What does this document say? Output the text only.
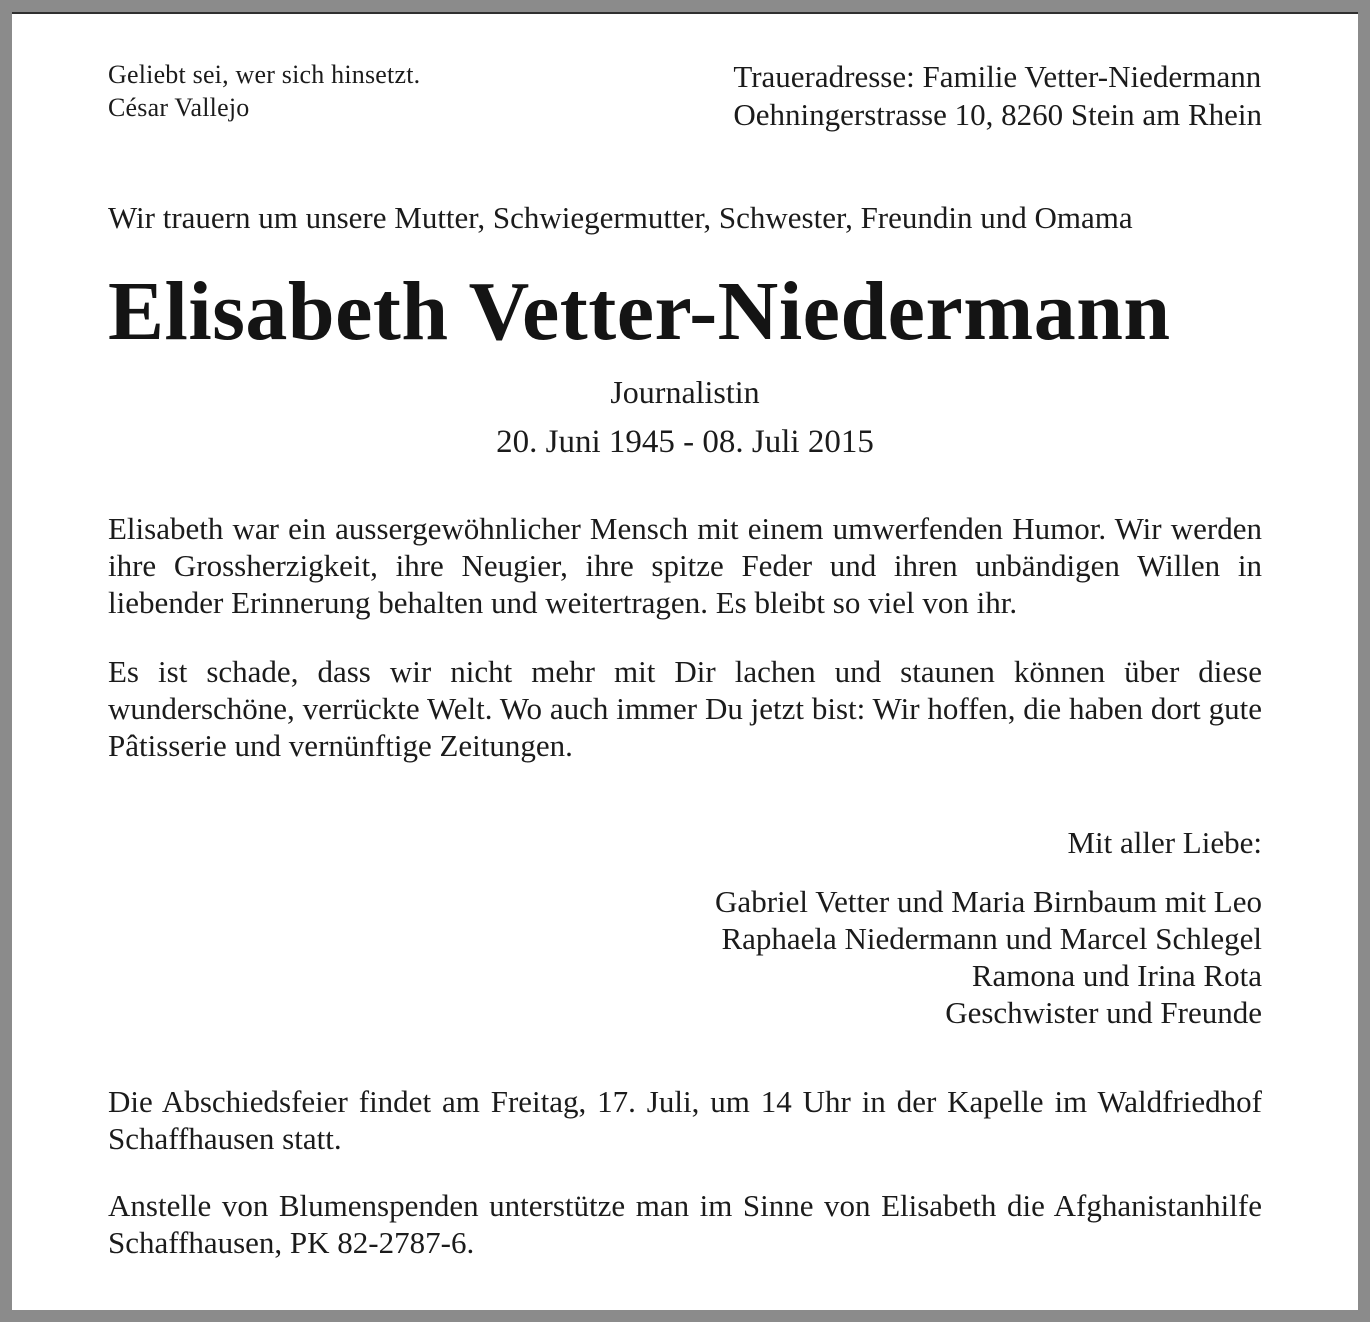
Geliebt sei, wer sich hinsetzt.
César Vallejo
Traueradresse: Familie Vetter-Niedermann
Oehningerstrasse 10, 8260 Stein am Rhein

Wir trauern um unsere Mutter, Schwiegermutter, Schwester, Freundin und Omama

Elisabeth Vetter-Niedermann
Journalistin
20. Juni 1945 - 08. Juli 2015

Elisabeth war ein aussergewöhnlicher Mensch mit einem umwerfenden Humor. Wir werden ihre Grossherzigkeit, ihre Neugier, ihre spitze Feder und ihren unbändigen Willen in liebender Erinnerung behalten und weitertragen. Es bleibt so viel von ihr.

Es ist schade, dass wir nicht mehr mit Dir lachen und staunen können über diese wunderschöne, verrückte Welt. Wo auch immer Du jetzt bist: Wir hoffen, die haben dort gute Pâtisserie und vernünftige Zeitungen.

Mit aller Liebe:
Gabriel Vetter und Maria Birnbaum mit Leo
Raphaela Niedermann und Marcel Schlegel
Ramona und Irina Rota
Geschwister und Freunde

Die Abschiedsfeier findet am Freitag, 17. Juli, um 14 Uhr in der Kapelle im Waldfriedhof Schaffhausen statt.

Anstelle von Blumenspenden unterstütze man im Sinne von Elisabeth die Afghanistanhilfe Schaffhausen, PK 82-2787-6.
